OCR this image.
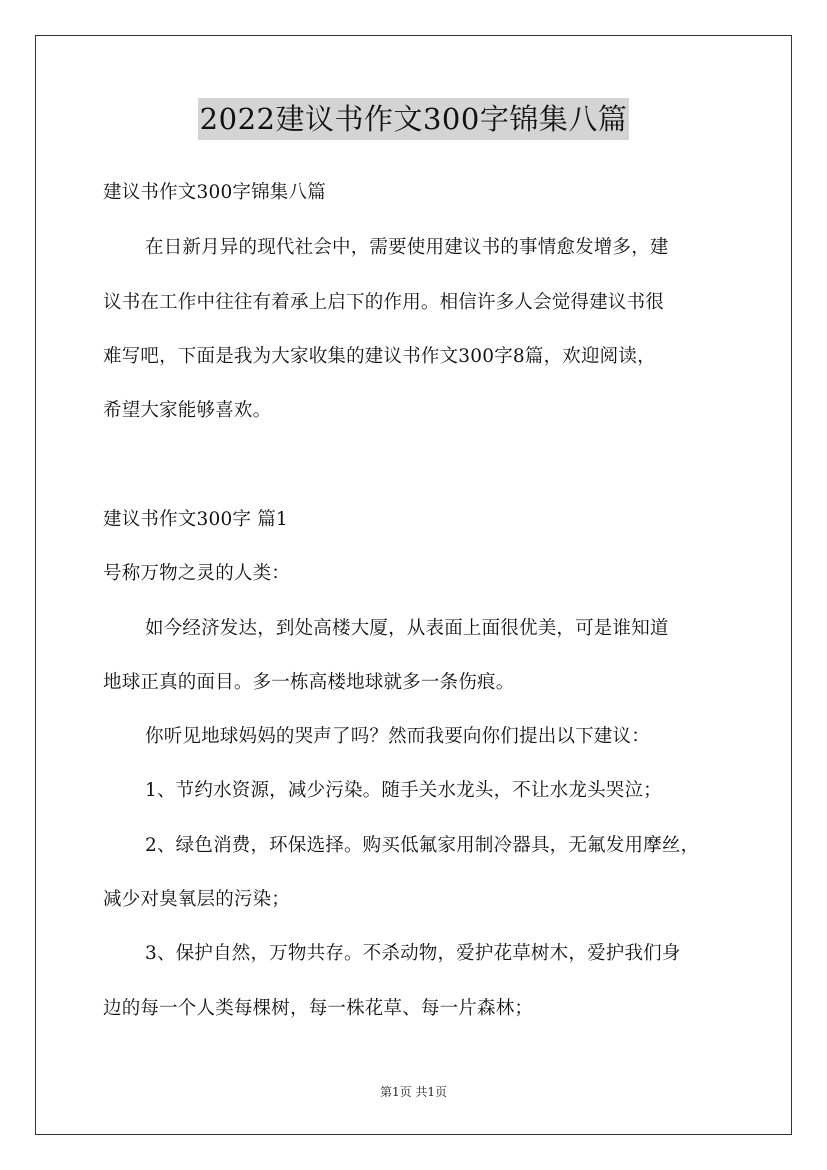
2022建议书作文300字锦集八篇
建议书作文300字锦集八篇
在日新月异的现代社会中，需要使用建议书的事情愈发增多，建
议书在工作中往往有着承上启下的作用。相信许多人会觉得建议书很
难写吧，下面是我为大家收集的建议书作文300字8篇，欢迎阅读，
希望大家能够喜欢。
建议书作文300字 篇1
号称万物之灵的人类：
如今经济发达，到处高楼大厦，从表面上面很优美，可是谁知道
地球正真的面目。多一栋高楼地球就多一条伤痕。
你听见地球妈妈的哭声了吗？然而我要向你们提出以下建议：
1、节约水资源，减少污染。随手关水龙头，不让水龙头哭泣；
2、绿色消费，环保选择。购买低氟家用制冷器具，无氟发用摩丝，
减少对臭氧层的污染；
3、保护自然，万物共存。不杀动物，爱护花草树木，爱护我们身
边的每一个人类每棵树，每一株花草、每一片森林；
第1页 共1页
